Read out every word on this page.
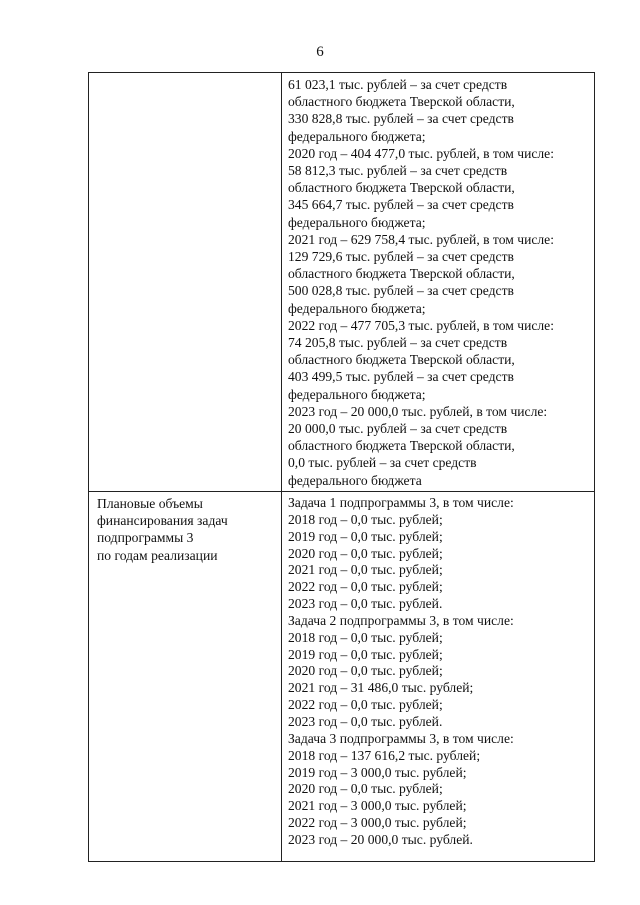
6
61 023,1 тыс. рублей – за счет средств
областного бюджета Тверской области,
330 828,8 тыс. рублей – за счет средств
федерального бюджета;
2020 год – 404 477,0 тыс. рублей, в том числе:
58 812,3 тыс. рублей – за счет средств
областного бюджета Тверской области,
345 664,7 тыс. рублей – за счет средств
федерального бюджета;
2021 год – 629 758,4 тыс. рублей, в том числе:
129 729,6 тыс. рублей – за счет средств
областного бюджета Тверской области,
500 028,8 тыс. рублей – за счет средств
федерального бюджета;
2022 год – 477 705,3 тыс. рублей, в том числе:
74 205,8 тыс. рублей – за счет средств
областного бюджета Тверской области,
403 499,5 тыс. рублей – за счет средств
федерального бюджета;
2023 год – 20 000,0 тыс. рублей, в том числе:
20 000,0 тыс. рублей – за счет средств
областного бюджета Тверской области,
0,0 тыс. рублей – за счет средств
федерального бюджета
Плановые объемы
финансирования задач
подпрограммы 3
по годам реализации
Задача 1 подпрограммы 3, в том числе:
2018 год – 0,0 тыс. рублей;
2019 год – 0,0 тыс. рублей;
2020 год – 0,0 тыс. рублей;
2021 год – 0,0 тыс. рублей;
2022 год – 0,0 тыс. рублей;
2023 год – 0,0 тыс. рублей.
Задача 2 подпрограммы 3, в том числе:
2018 год – 0,0 тыс. рублей;
2019 год – 0,0 тыс. рублей;
2020 год – 0,0 тыс. рублей;
2021 год – 31 486,0 тыс. рублей;
2022 год – 0,0 тыс. рублей;
2023 год – 0,0 тыс. рублей.
Задача 3 подпрограммы 3, в том числе:
2018 год – 137 616,2 тыс. рублей;
2019 год – 3 000,0 тыс. рублей;
2020 год – 0,0 тыс. рублей;
2021 год – 3 000,0 тыс. рублей;
2022 год – 3 000,0 тыс. рублей;
2023 год – 20 000,0 тыс. рублей.
